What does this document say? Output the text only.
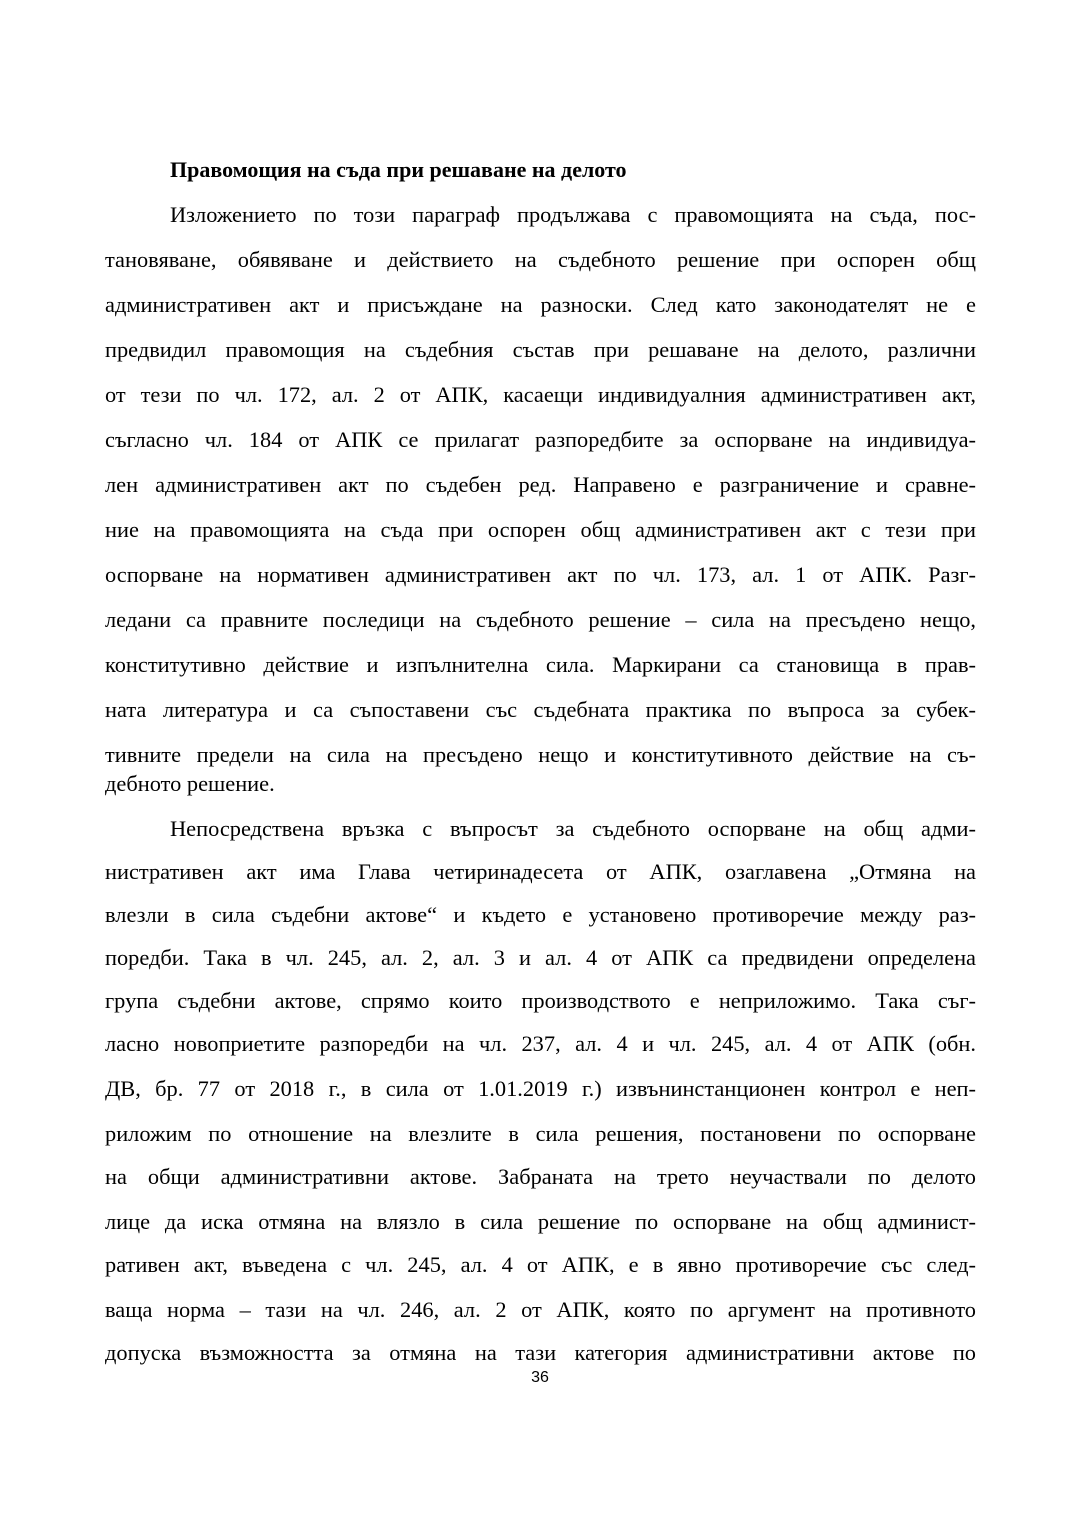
Правомощия на съда при решаване на делото
Изложението по този параграф продължава с правомощията на съда, пос-
тановяване, обявяване и действието на съдебното решение при оспорен общ
административен акт и присъждане на разноски. След като законодателят не е
предвидил правомощия на съдебния състав при решаване на делото, различни
от тези по чл. 172, ал. 2 от АПК, касаещи индивидуалния административен акт,
съгласно чл. 184 от АПК се прилагат разпоредбите за оспорване на индивидуа-
лен административен акт по съдебен ред. Направено е разграничение и сравне-
ние на правомощията на съда при оспорен общ административен акт с тези при
оспорване на нормативен административен акт по чл. 173, ал. 1 от АПК. Разг-
ледани са правните последици на съдебното решение – сила на пресъдено нещо,
конститутивно действие и изпълнителна сила. Маркирани са становища в прав-
ната литература и са съпоставени със съдебната практика по въпроса за субек-
тивните предели на сила на пресъдено нещо и конститутивното действие на съ-
дебното решение.
Непосредствена връзка с въпросът за съдебното оспорване на общ адми-
нистративен акт има Глава четиринадесета от АПК, озаглавена „Отмяна на
влезли в сила съдебни актове“ и където е установено противоречие между раз-
поредби. Така в чл. 245, ал. 2, ал. 3 и ал. 4 от АПК са предвидени определена
група съдебни актове, спрямо които производството е неприложимо. Така съг-
ласно новоприетите разпоредби на чл. 237, ал. 4 и чл. 245, ал. 4 от АПК (обн.
ДВ, бр. 77 от 2018 г., в сила от 1.01.2019 г.) извънинстанционен контрол е неп-
риложим по отношение на влезлите в сила решения, постановени по оспорване
на общи административни актове. Забраната на трето неучаствали по делото
лице да иска отмяна на влязло в сила решение по оспорване на общ админист-
ративен акт, въведена с чл. 245, ал. 4 от АПК, е в явно противоречие със след-
ваща норма – тази на чл. 246, ал. 2 от АПК, която по аргумент на противното
допуска възможността за отмяна на тази категория административни актове по
36
